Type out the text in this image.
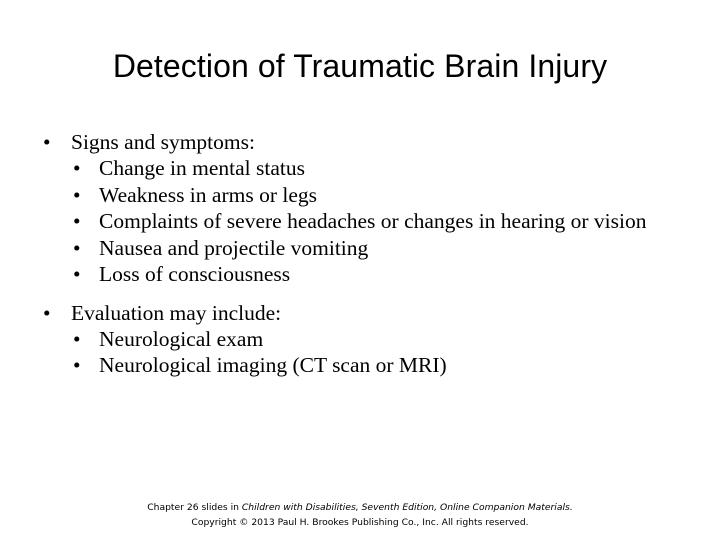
Detection of Traumatic Brain Injury
• Signs and symptoms:
• Change in mental status
• Weakness in arms or legs
• Complaints of severe headaches or changes in hearing or vision
• Nausea and projectile vomiting
• Loss of consciousness
• Evaluation may include:
• Neurological exam
• Neurological imaging (CT scan or MRI)
Chapter 26 slides in Children with Disabilities, Seventh Edition, Online Companion Materials.
Copyright © 2013 Paul H. Brookes Publishing Co., Inc. All rights reserved.
